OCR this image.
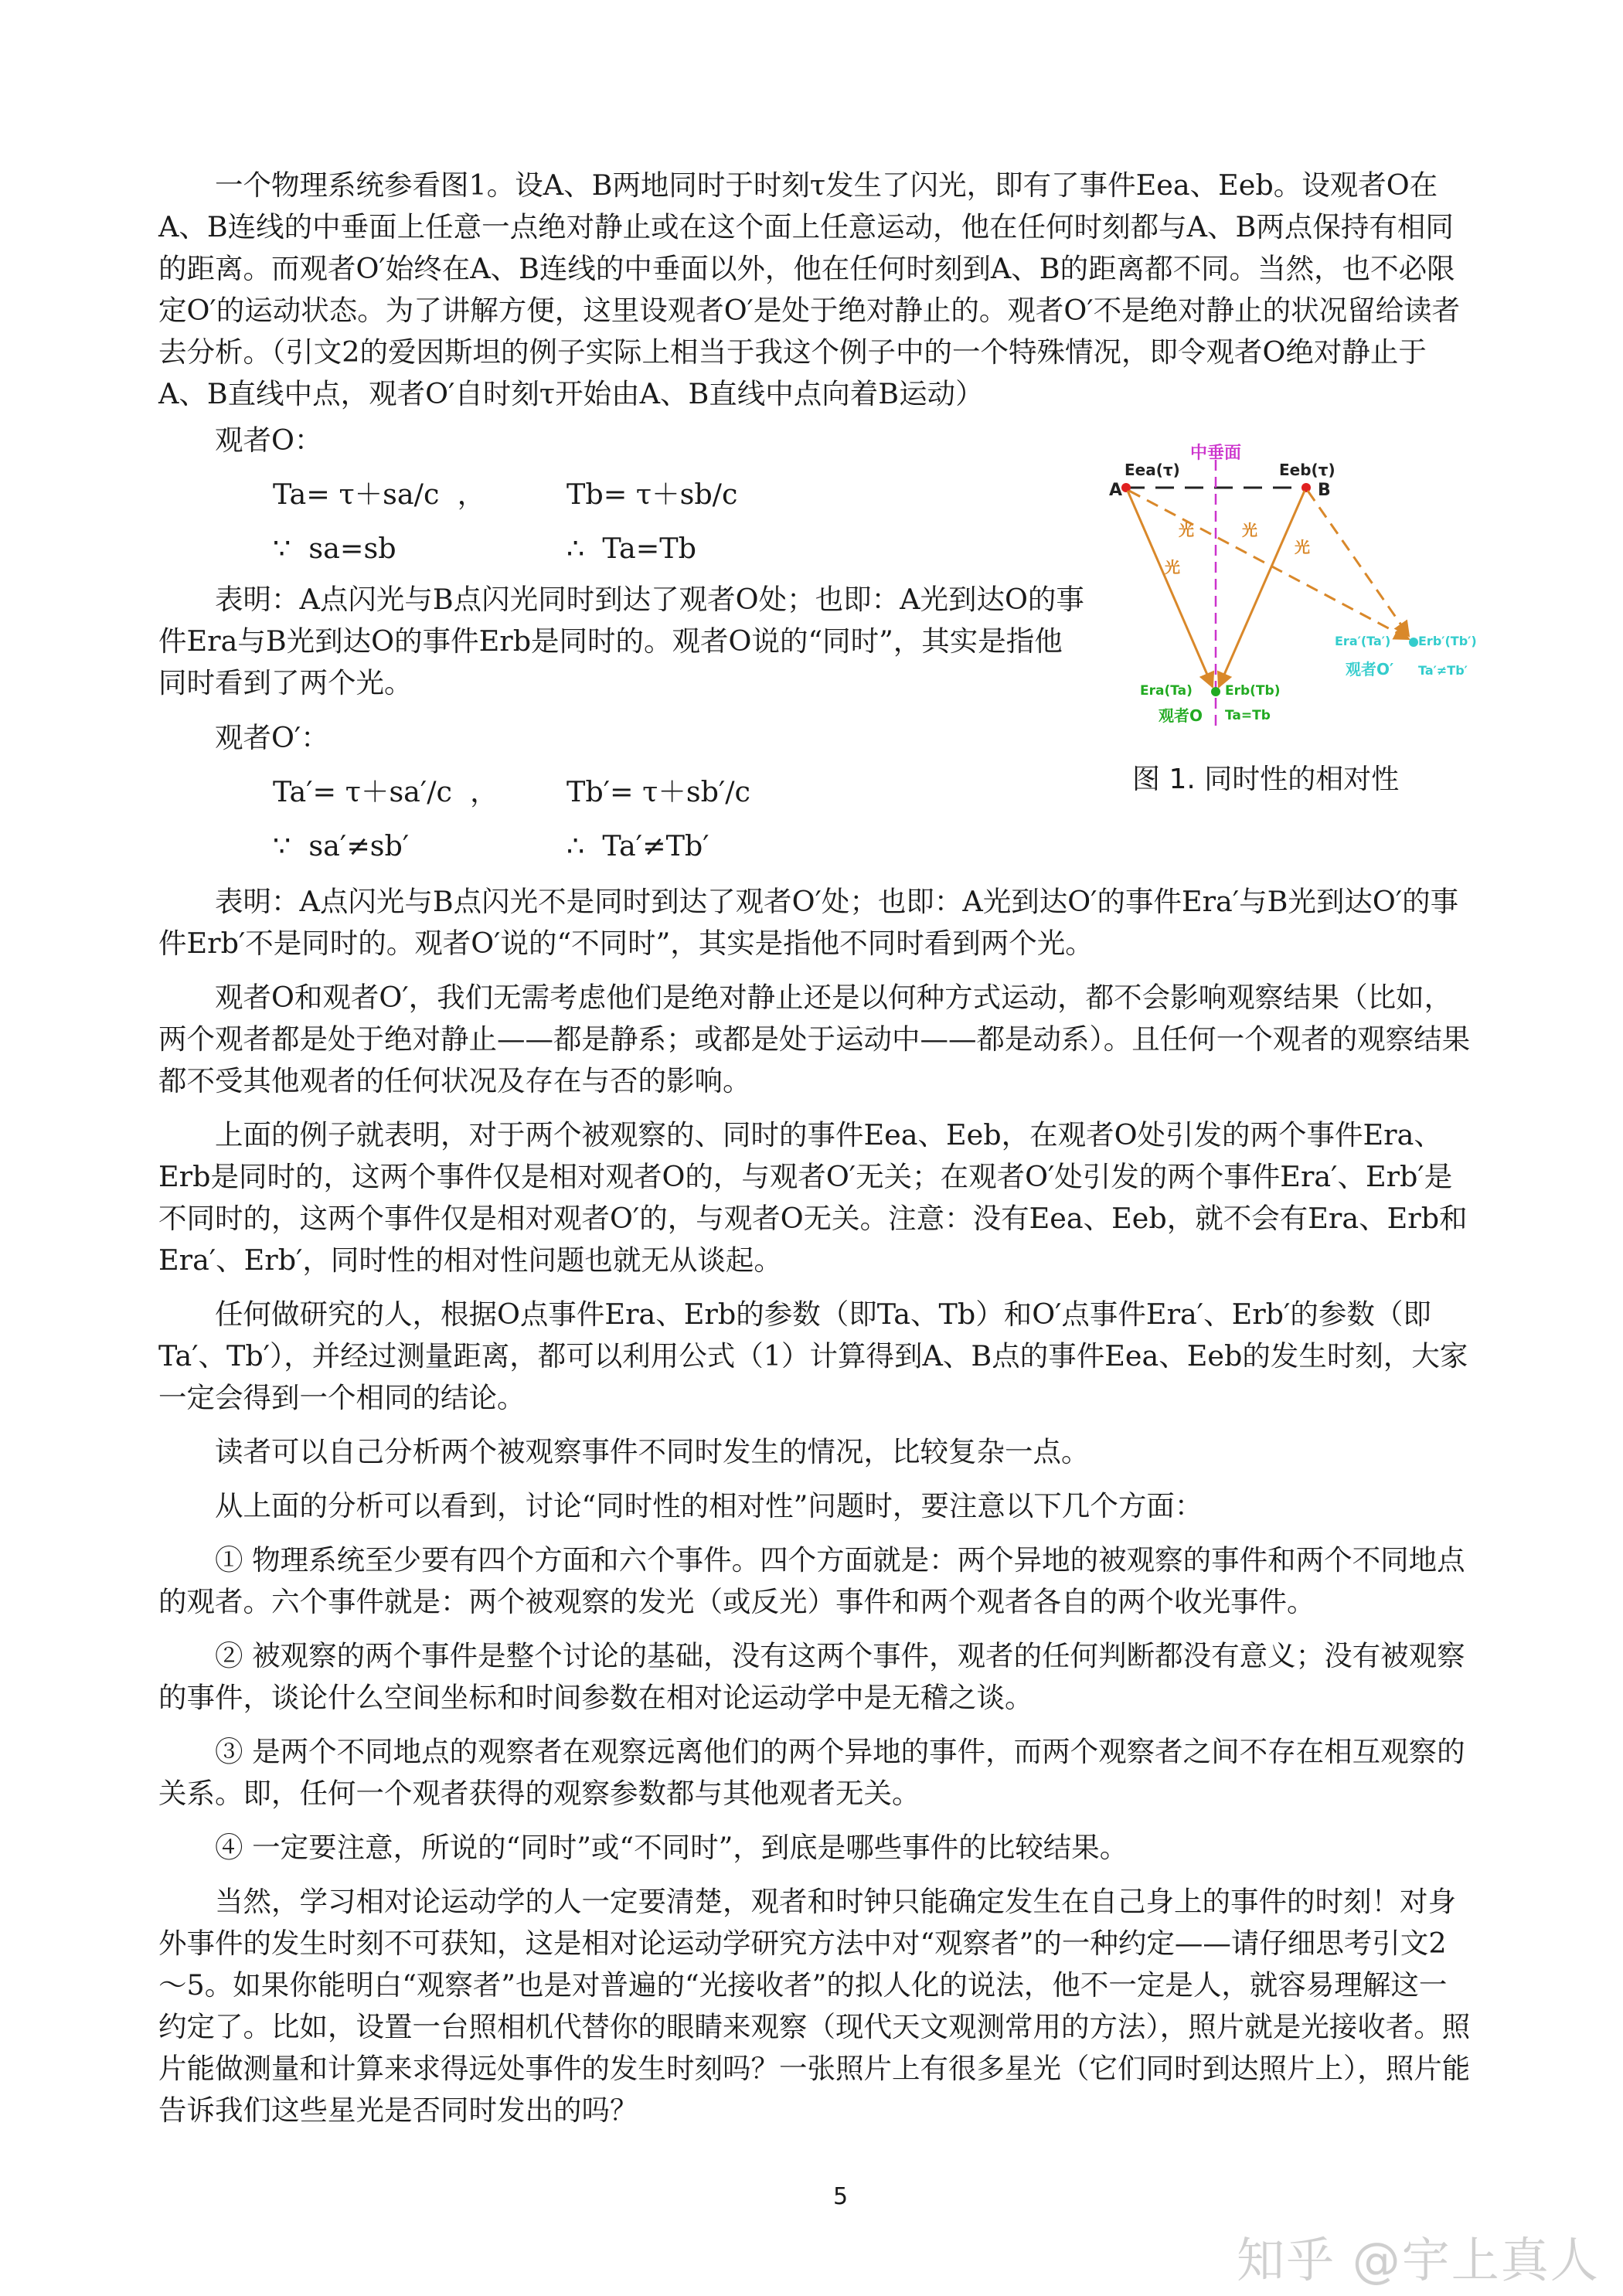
一个物理系统参看图1。设A、B两地同时于时刻τ发生了闪光，即有了事件Eea、Eeb。设观者O在A、B连线的中垂面上任意一点绝对静止或在这个面上任意运动，他在任何时刻都与A、B两点保持有相同的距离。而观者O′始终在A、B连线的中垂面以外，他在任何时刻到A、B的距离都不同。当然，也不必限定O′的运动状态。为了讲解方便，这里设观者O′是处于绝对静止的。观者O′不是绝对静止的状况留给读者去分析。（引文2的爱因斯坦的例子实际上相当于我这个例子中的一个特殊情况，即令观者O绝对静止于A、B直线中点，观者O′自时刻τ开始由A、B直线中点向着B运动）

观者O：

Ta= τ＋sa/c  ，	Tb= τ＋sb/c

∵  sa=sb	∴  Ta=Tb

表明：A点闪光与B点闪光同时到达了观者O处；也即：A光到达O的事件Era与B光到达O的事件Erb是同时的。观者O说的“同时”，其实是指他同时看到了两个光。

观者O′：

Ta′= τ＋sa′/c  ， Tb′= τ＋sb′/c

∵  sa′≠sb′	∴  Ta′≠Tb′

表明：A点闪光与B点闪光不是同时到达了观者O′处；也即：A光到达O′的事件Era′与B光到达O′的事件Erb′不是同时的。观者O′说的“不同时”，其实是指他不同时看到两个光。

观者O和观者O′，我们无需考虑他们是绝对静止还是以何种方式运动，都不会影响观察结果（比如，两个观者都是处于绝对静止——都是静系；或都是处于运动中——都是动系）。且任何一个观者的观察结果都不受其他观者的任何状况及存在与否的影响。

上面的例子就表明，对于两个被观察的、同时的事件Eea、Eeb，在观者O处引发的两个事件Era、Erb是同时的，这两个事件仅是相对观者O的，与观者O′无关；在观者O′处引发的两个事件Era′、Erb′是不同时的，这两个事件仅是相对观者O′的，与观者O无关。注意：没有Eea、Eeb，就不会有Era、Erb和Era′、Erb′，同时性的相对性问题也就无从谈起。

任何做研究的人，根据O点事件Era、Erb的参数（即Ta、Tb）和O′点事件Era′、Erb′的参数（即Ta′、Tb′），并经过测量距离，都可以利用公式（1）计算得到A、B点的事件Eea、Eeb的发生时刻，大家一定会得到一个相同的结论。

读者可以自己分析两个被观察事件不同时发生的情况，比较复杂一点。

从上面的分析可以看到，讨论“同时性的相对性”问题时，要注意以下几个方面：

① 物理系统至少要有四个方面和六个事件。四个方面就是：两个异地的被观察的事件和两个不同地点的观者。六个事件就是：两个被观察的发光（或反光）事件和两个观者各自的两个收光事件。

② 被观察的两个事件是整个讨论的基础，没有这两个事件，观者的任何判断都没有意义；没有被观察的事件，谈论什么空间坐标和时间参数在相对论运动学中是无稽之谈。

③ 是两个不同地点的观察者在观察远离他们的两个异地的事件，而两个观察者之间不存在相互观察的关系。即，任何一个观者获得的观察参数都与其他观者无关。

④ 一定要注意，所说的“同时”或“不同时”，到底是哪些事件的比较结果。

当然，学习相对论运动学的人一定要清楚，观者和时钟只能确定发生在自己身上的事件的时刻！对身外事件的发生时刻不可获知，这是相对论运动学研究方法中对“观察者”的一种约定——请仔细思考引文2～5。如果你能明白“观察者”也是对普遍的“光接收者”的拟人化的说法，他不一定是人，就容易理解这一约定了。比如，设置一台照相机代替你的眼睛来观察（现代天文观测常用的方法），照片就是光接收者。照片能做测量和计算来求得远处事件的发生时刻吗？一张照片上有很多星光（它们同时到达照片上），照片能告诉我们这些星光是否同时发出的吗？

中垂面
Eea(τ)	Eeb(τ)
A	B
光
光	光
光
Era(Ta) Erb(Tb)
观者O Ta=Tb
Era′(Ta′) Erb′(Tb′)
观者O′ Ta′≠Tb′
图 1. 同时性的相对性
5
知乎 @宇上真人
